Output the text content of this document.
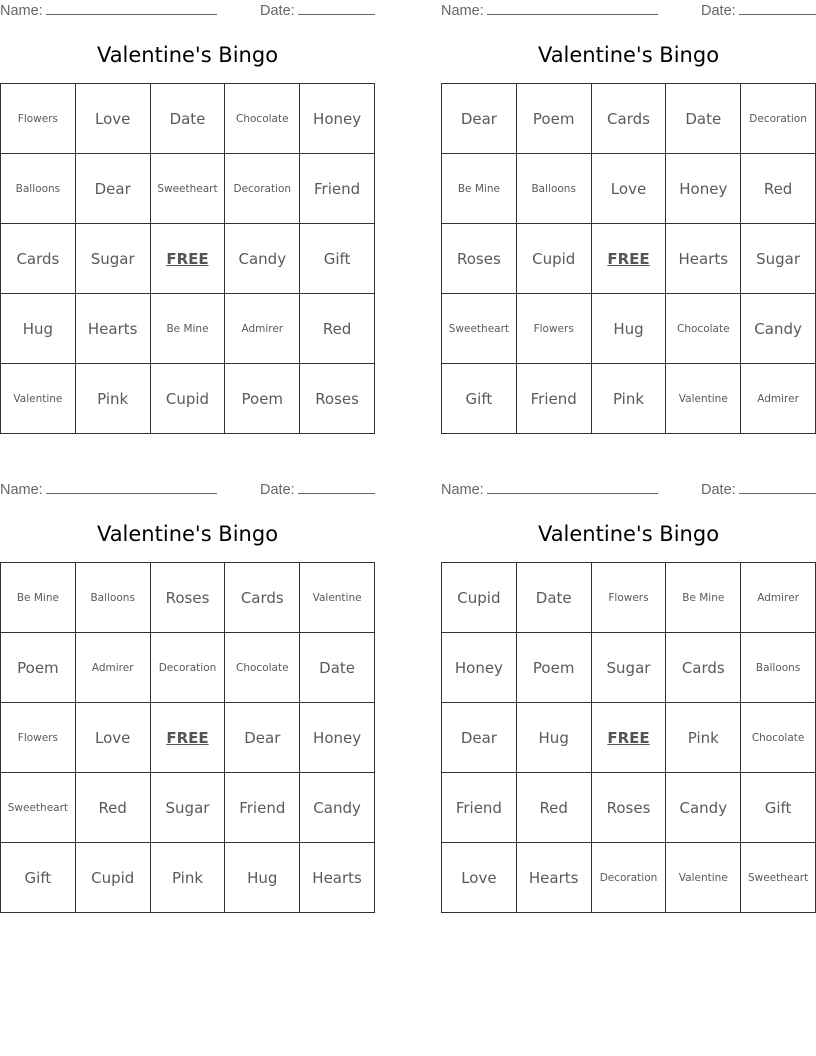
Name:	Date:
Valentine's Bingo
Flowers	Love	Date	Chocolate	Honey
Balloons	Dear	Sweetheart	Decoration	Friend
Cards	Sugar	FREE	Candy	Gift
Hug	Hearts	Be Mine	Admirer	Red
Valentine	Pink	Cupid	Poem	Roses
Name:	Date:
Valentine's Bingo
Dear	Poem	Cards	Date	Decoration
Be Mine	Balloons	Love	Honey	Red
Roses	Cupid	FREE	Hearts	Sugar
Sweetheart	Flowers	Hug	Chocolate	Candy
Gift	Friend	Pink	Valentine	Admirer
Name:	Date:
Valentine's Bingo
Be Mine	Balloons	Roses	Cards	Valentine
Poem	Admirer	Decoration	Chocolate	Date
Flowers	Love	FREE	Dear	Honey
Sweetheart	Red	Sugar	Friend	Candy
Gift	Cupid	Pink	Hug	Hearts
Name:	Date:
Valentine's Bingo
Cupid	Date	Flowers	Be Mine	Admirer
Honey	Poem	Sugar	Cards	Balloons
Dear	Hug	FREE	Pink	Chocolate
Friend	Red	Roses	Candy	Gift
Love	Hearts	Decoration	Valentine	Sweetheart
